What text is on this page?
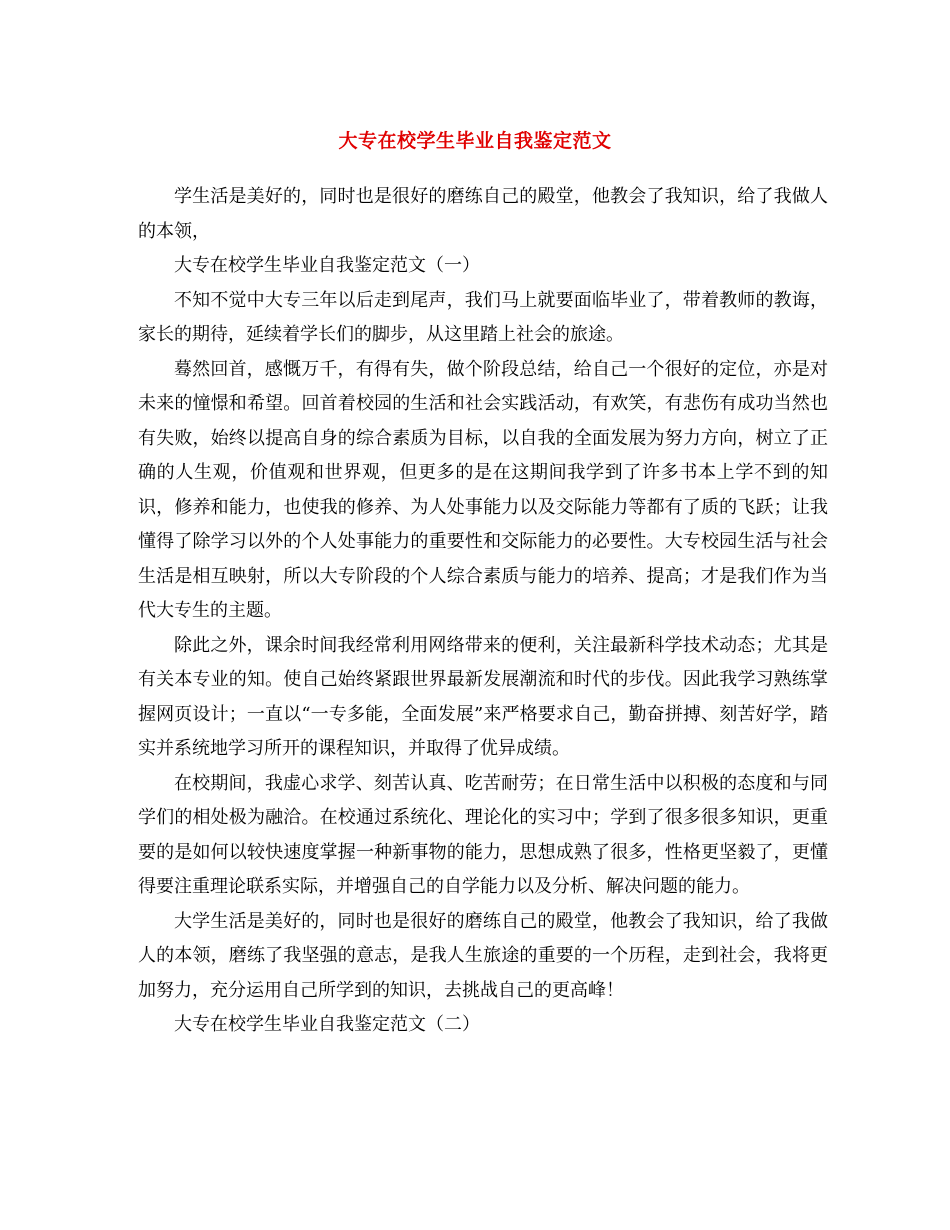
大专在校学生毕业自我鉴定范文

学生活是美好的，同时也是很好的磨练自己的殿堂，他教会了我知识，给了我做人的本领，

大专在校学生毕业自我鉴定范文（一）

不知不觉中大专三年以后走到尾声，我们马上就要面临毕业了，带着教师的教诲，家长的期待，延续着学长们的脚步，从这里踏上社会的旅途。

蓦然回首，感慨万千，有得有失，做个阶段总结，给自己一个很好的定位，亦是对未来的憧憬和希望。回首着校园的生活和社会实践活动，有欢笑，有悲伤有成功当然也有失败，始终以提高自身的综合素质为目标，以自我的全面发展为努力方向，树立了正确的人生观，价值观和世界观，但更多的是在这期间我学到了许多书本上学不到的知识，修养和能力，也使我的修养、为人处事能力以及交际能力等都有了质的飞跃；让我懂得了除学习以外的个人处事能力的重要性和交际能力的必要性。大专校园生活与社会生活是相互映射，所以大专阶段的个人综合素质与能力的培养、提高；才是我们作为当代大专生的主题。

除此之外，课余时间我经常利用网络带来的便利，关注最新科学技术动态；尤其是有关本专业的知。使自己始终紧跟世界最新发展潮流和时代的步伐。因此我学习熟练掌握网页设计；一直以“一专多能，全面发展”来严格要求自己，勤奋拼搏、刻苦好学，踏实并系统地学习所开的课程知识，并取得了优异成绩。

在校期间，我虚心求学、刻苦认真、吃苦耐劳；在日常生活中以积极的态度和与同学们的相处极为融洽。在校通过系统化、理论化的实习中；学到了很多很多知识，更重要的是如何以较快速度掌握一种新事物的能力，思想成熟了很多，性格更坚毅了，更懂得要注重理论联系实际，并增强自己的自学能力以及分析、解决问题的能力。

大学生活是美好的，同时也是很好的磨练自己的殿堂，他教会了我知识，给了我做人的本领，磨练了我坚强的意志，是我人生旅途的重要的一个历程，走到社会，我将更加努力，充分运用自己所学到的知识，去挑战自己的更高峰！

大专在校学生毕业自我鉴定范文（二）
